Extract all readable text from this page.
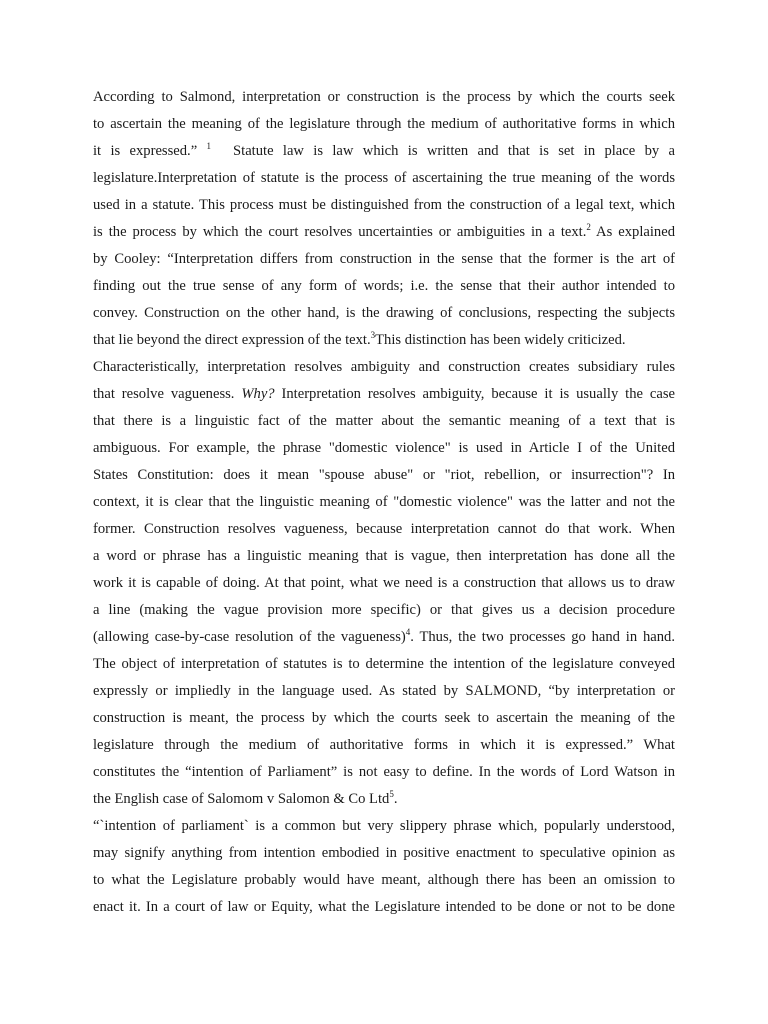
According to Salmond, interpretation or construction is the process by which the courts seek
to ascertain the meaning of the legislature through the medium of authoritative forms in which
it is expressed.” $^1$ Statute law is law which is written and that is set in place by a
legislature.Interpretation of statute is the process of ascertaining the true meaning of the words
used in a statute. This process must be distinguished from the construction of a legal text, which
is the process by which the court resolves uncertainties or ambiguities in a text.$^2$ As explained
by Cooley: “Interpretation differs from construction in the sense that the former is the art of
finding out the true sense of any form of words; i.e. the sense that their author intended to
convey. Construction on the other hand, is the drawing of conclusions, respecting the subjects
that lie beyond the direct expression of the text.$^3$This distinction has been widely criticized.
Characteristically, interpretation resolves ambiguity and construction creates subsidiary rules
that resolve vagueness. Why? Interpretation resolves ambiguity, because it is usually the case
that there is a linguistic fact of the matter about the semantic meaning of a text that is
ambiguous. For example, the phrase "domestic violence" is used in Article I of the United
States Constitution: does it mean "spouse abuse" or "riot, rebellion, or insurrection"? In
context, it is clear that the linguistic meaning of "domestic violence" was the latter and not the
former. Construction resolves vagueness, because interpretation cannot do that work. When
a word or phrase has a linguistic meaning that is vague, then interpretation has done all the
work it is capable of doing. At that point, what we need is a construction that allows us to draw
a line (making the vague provision more specific) or that gives us a decision procedure
(allowing case-by-case resolution of the vagueness)$^4$. Thus, the two processes go hand in hand.
The object of interpretation of statutes is to determine the intention of the legislature conveyed
expressly or impliedly in the language used. As stated by SALMOND, “by interpretation or
construction is meant, the process by which the courts seek to ascertain the meaning of the
legislature through the medium of authoritative forms in which it is expressed.” What
constitutes the “intention of Parliament” is not easy to define. In the words of Lord Watson in
the English case of Salomom v Salomon & Co Ltd$^5$.
“`intention of parliament` is a common but very slippery phrase which, popularly understood,
may signify anything from intention embodied in positive enactment to speculative opinion as
to what the Legislature probably would have meant, although there has been an omission to
enact it. In a court of law or Equity, what the Legislature intended to be done or not to be done
